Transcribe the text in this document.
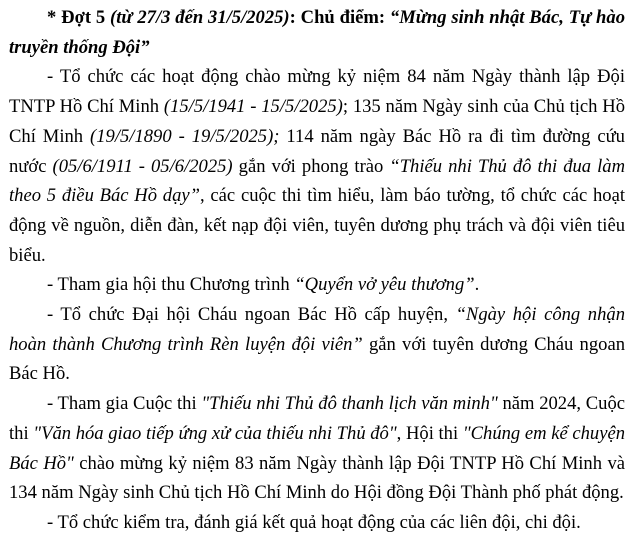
* Đợt 5 (từ 27/3 đến 31/5/2025): Chủ điểm: “Mừng sinh nhật Bác, Tự hào truyền thống Đội”

- Tổ chức các hoạt động chào mừng kỷ niệm 84 năm Ngày thành lập Đội TNTP Hồ Chí Minh (15/5/1941 - 15/5/2025); 135 năm Ngày sinh của Chủ tịch Hồ Chí Minh (19/5/1890 - 19/5/2025); 114 năm ngày Bác Hồ ra đi tìm đường cứu nước (05/6/1911 - 05/6/2025) gắn với phong trào “Thiếu nhi Thủ đô thi đua làm theo 5 điều Bác Hồ dạy”, các cuộc thi tìm hiểu, làm báo tường, tổ chức các hoạt động về nguồn, diễn đàn, kết nạp đội viên, tuyên dương phụ trách và đội viên tiêu biểu.

- Tham gia hội thu Chương trình “Quyển vở yêu thương”.

- Tổ chức Đại hội Cháu ngoan Bác Hồ cấp huyện, “Ngày hội công nhận hoàn thành Chương trình Rèn luyện đội viên” gắn với tuyên dương Cháu ngoan Bác Hồ.

- Tham gia Cuộc thi "Thiếu nhi Thủ đô thanh lịch văn minh" năm 2024, Cuộc thi "Văn hóa giao tiếp ứng xử của thiếu nhi Thủ đô", Hội thi "Chúng em kể chuyện Bác Hồ" chào mừng kỷ niệm 83 năm Ngày thành lập Đội TNTP Hồ Chí Minh và 134 năm Ngày sinh Chủ tịch Hồ Chí Minh do Hội đồng Đội Thành phố phát động.

- Tổ chức kiểm tra, đánh giá kết quả hoạt động của các liên đội, chi đội.
